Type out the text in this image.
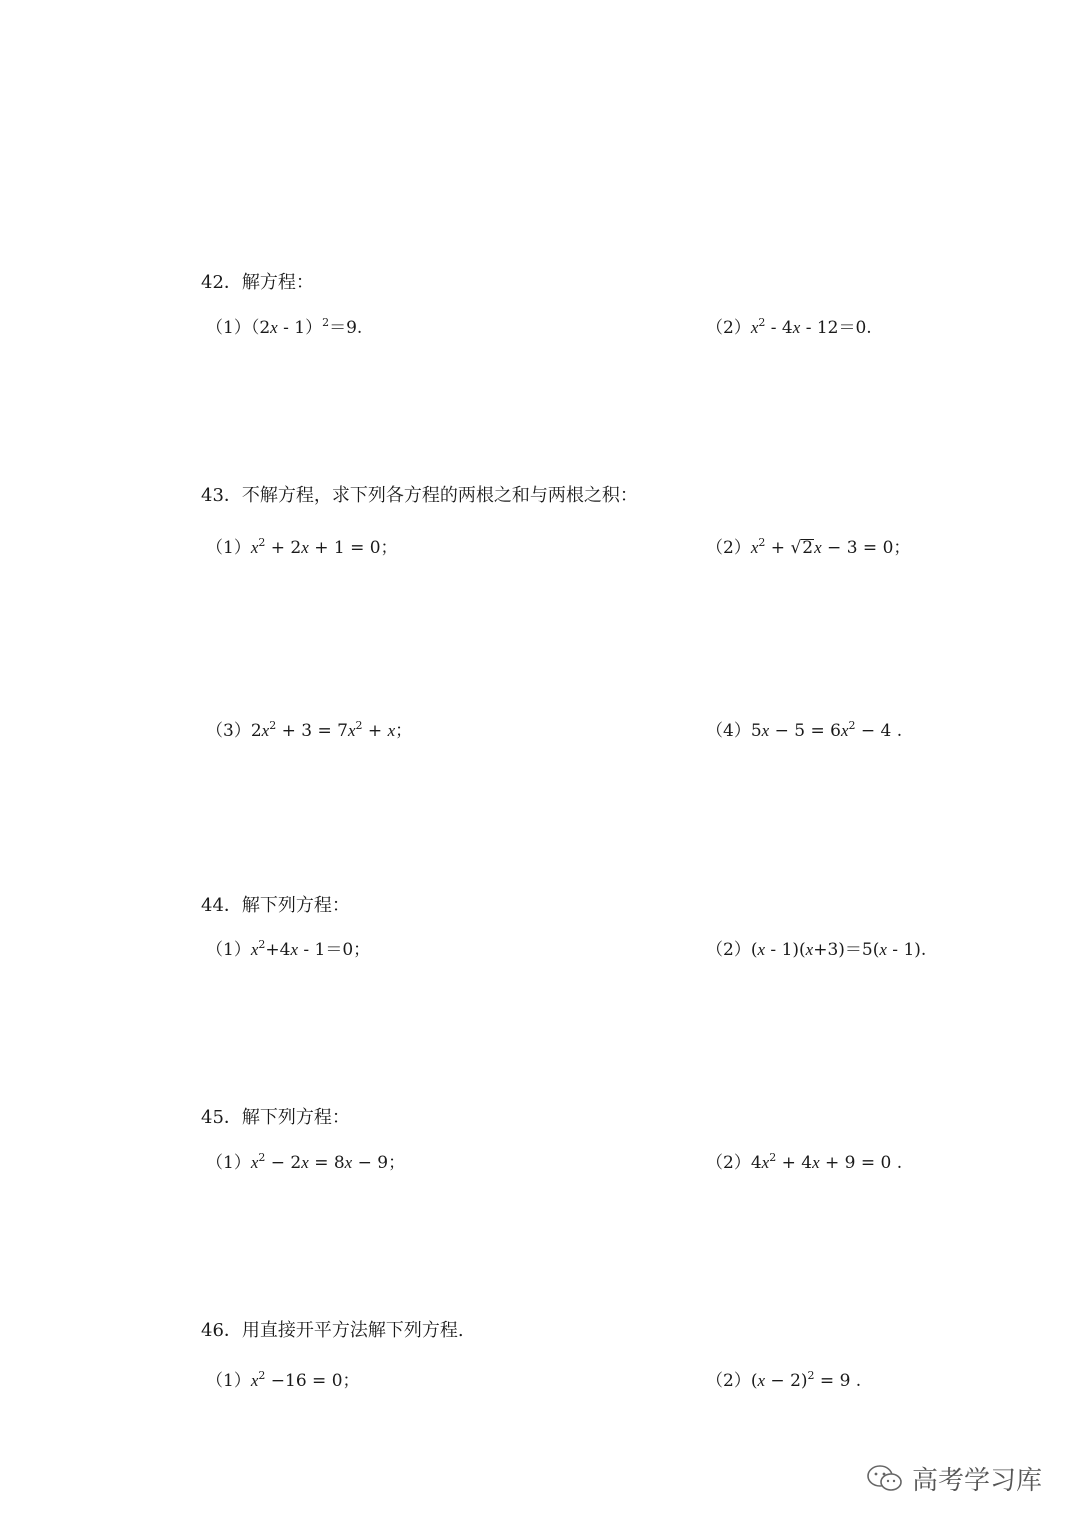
42．解方程：
（1）（2x - 1）$^2$＝9.	$(2)x^2 - 4x - 12=0$.
43．不解方程，求下列各方程的两根之和与两根之积：
$(1)x^2 + 2x + 1 = 0$；	$(2)x^2 + √2x - 3 = 0$；
$(3)2x^2 + 3 = 7x^2 + x$；	$(4)5x - 5 = 6x^2 - 4$ .
44．解下列方程：
$(1)x^2+4x - 1=0$；	（2）(x - 1)(x+3)＝5(x - 1).
45．解下列方程：
$(1)x^2 - 2x = 8x - 9$；	$(2)4x^2 + 4x + 9 = 0$ .
46．用直接开平方法解下列方程.
$(1)x^2 -16 = 0$；	$(2)(x - 2)^2 = 9$ .
高考学习库
